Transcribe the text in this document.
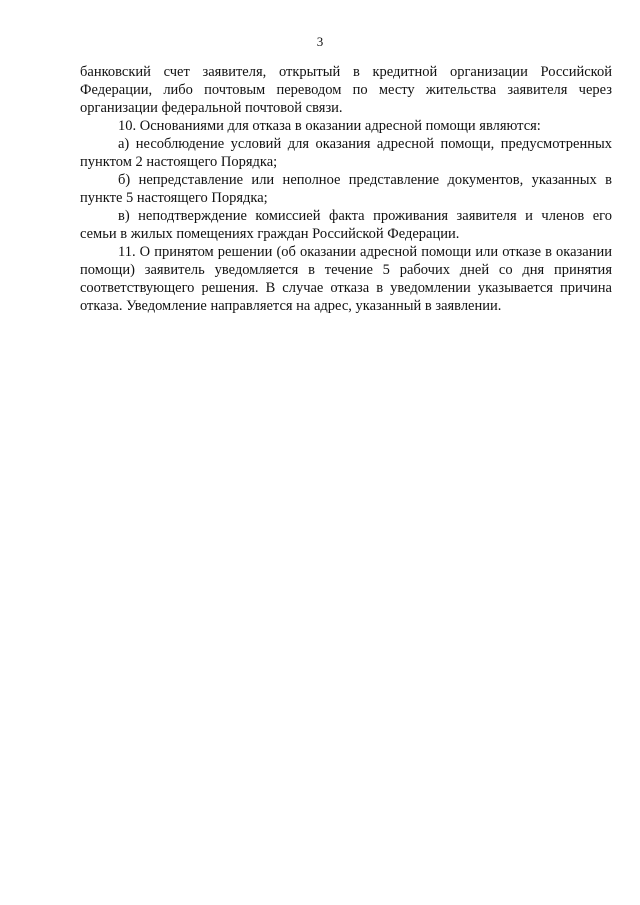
3

банковский счет заявителя, открытый в кредитной организации Российской Федерации, либо почтовым переводом по месту жительства заявителя через организации федеральной почтовой связи.

10. Основаниями для отказа в оказании адресной помощи являются:

а) несоблюдение условий для оказания адресной помощи, предусмотренных пунктом 2 настоящего Порядка;

б) непредставление или неполное представление документов, указанных в пункте 5 настоящего Порядка;

в) неподтверждение комиссией факта проживания заявителя и членов его семьи в жилых помещениях граждан Российской Федерации.

11. О принятом решении (об оказании адресной помощи или отказе в оказании помощи) заявитель уведомляется в течение 5 рабочих дней со дня принятия соответствующего решения. В случае отказа в уведомлении указывается причина отказа. Уведомление направляется на адрес, указанный в заявлении.
